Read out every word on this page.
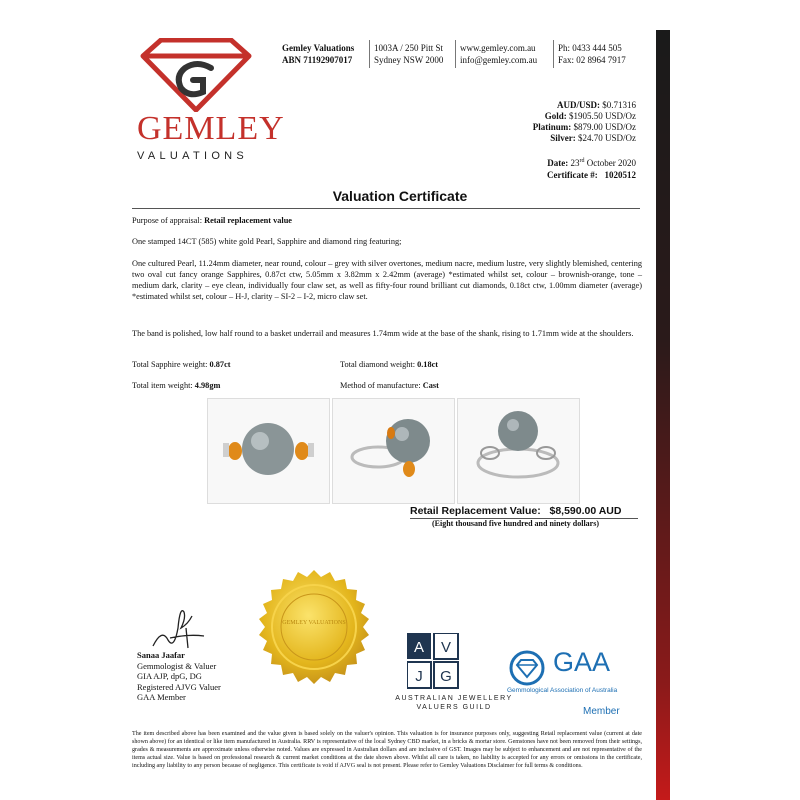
GEMLEY
VALUATIONS
Gemley Valuations
ABN 71192907017
1003A / 250 Pitt St
Sydney NSW 2000
www.gemley.com.au
info@gemley.com.au
Ph: 0433 444 505
Fax: 02 8964 7917
AUD/USD: $0.71316
Gold: $1905.50 USD/Oz
Platinum: $879.00 USD/Oz
Silver: $24.70 USD/Oz
Date: 23rd October 2020
Certificate #: 1020512
Valuation Certificate
Purpose of appraisal: Retail replacement value
One stamped 14CT (585) white gold Pearl, Sapphire and diamond ring featuring;
One cultured Pearl, 11.24mm diameter, near round, colour – grey with silver overtones, medium nacre, medium lustre, very slightly blemished, centering two oval cut fancy orange Sapphires, 0.87ct ctw, 5.05mm x 3.82mm x 2.42mm (average) *estimated whilst set, colour – brownish-orange, tone – medium dark, clarity – eye clean, individually four claw set, as well as fifty-four round brilliant cut diamonds, 0.18ct ctw, 1.00mm diameter (average) *estimated whilst set, colour – H-J, clarity – SI-2 – I-2, micro claw set.
The band is polished, low half round to a basket underrail and measures 1.74mm wide at the base of the shank, rising to 1.71mm wide at the shoulders.
Total Sapphire weight: 0.87ct	Total diamond weight: 0.18ct
Total item weight: 4.98gm	Method of manufacture: Cast
Retail Replacement Value: $8,590.00 AUD
(Eight thousand five hundred and ninety dollars)
GEMLEY VALUATIONS
Sanaa Jaafar
Gemmologist & Valuer
GIA AJP, dpG, DG
Registered AJVG Valuer
GAA Member
A V
J G
AUSTRALIAN JEWELLERY
VALUERS GUILD
GAA
Gemmological Association of Australia
Member
The item described above has been examined and the value given is based solely on the valuer's opinion. This valuation is for insurance purposes only, suggesting Retail replacement value (current at date shown above) for an identical or like item manufactured in Australia. RRV is representative of the local Sydney CBD market, in a bricks & mortar store. Gemstones have not been removed from their settings, grades & measurements are approximate unless otherwise noted. Values are expressed in Australian dollars and are inclusive of GST. Images may be subject to enhancement and are not representative of the items actual size. Value is based on professional research & current market conditions at the date shown above. Whilst all care is taken, no liability is accepted for any errors or omissions in the certificate, including any liability to any person because of negligence. This certificate is void if AJVG seal is not present. Please refer to Gemley Valuations Disclaimer for full terms & conditions.
